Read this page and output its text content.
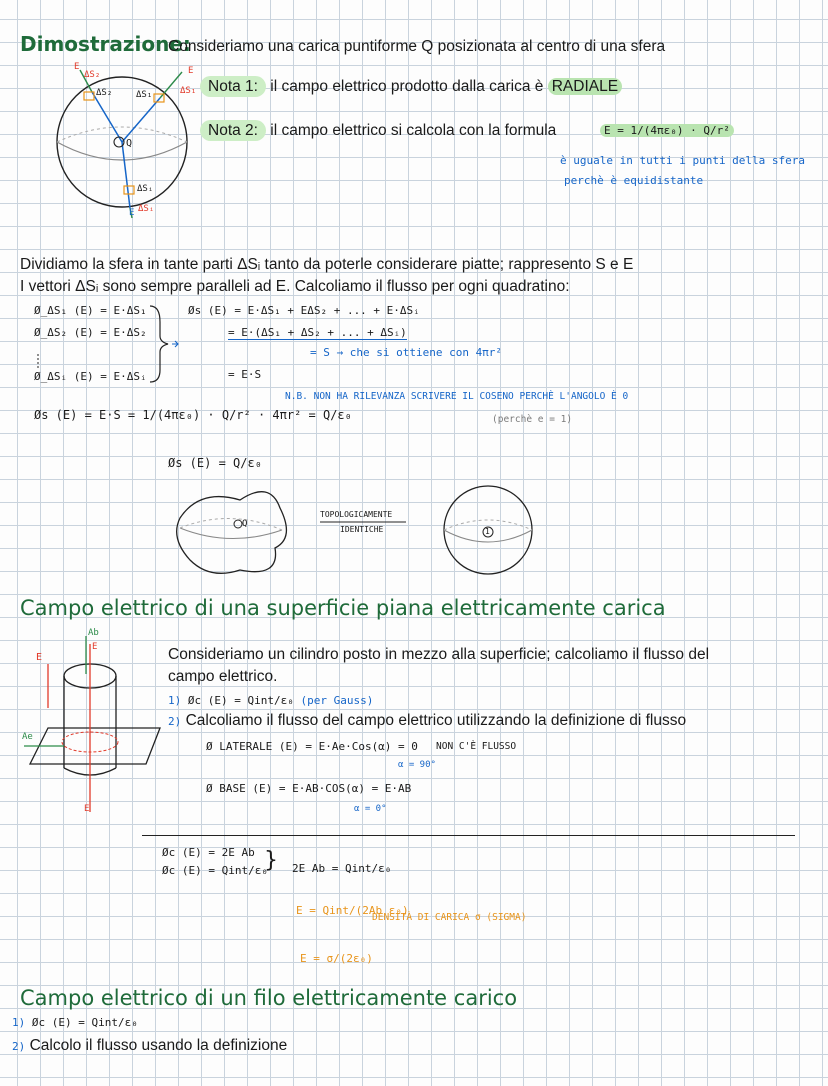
Dimostrazione:
Consideriamo una carica puntiforme Q posizionata al centro di una sfera
E
ΔS₂
ΔS₂	ΔS₁
E
ΔS₁
Q
ΔSᵢ
ΔSᵢ
E
Nota 1: il campo elettrico prodotto dalla carica è RADIALE
Nota 2: il campo elettrico si calcola con la formula	E = 1/(4πε₀) · Q/r²
è uguale in tutti i punti della sfera
perchè è equidistante
Dividiamo la sfera in tante parti ΔSᵢ tanto da poterle considerare piatte; rappresento S e E
I vettori ΔSᵢ sono sempre paralleli ad E. Calcoliamo il flusso per ogni quadratino:
Ø_ΔS₁ (E) = E·ΔS₁
Ø_ΔS₂ (E) = E·ΔS₂
Ø_ΔSᵢ (E) = E·ΔSᵢ
Øs (E) = E·ΔS₁ + EΔS₂ + ... + E·ΔSᵢ
= E·(ΔS₁ + ΔS₂ + ... + ΔSᵢ)
= S → che si ottiene con 4πr²
= E·S
N.B. NON HA RILEVANZA SCRIVERE IL COSENO PERCHÈ L'ANGOLO È 0
(perchè e = 1)
Øs (E) = E·S = 1/(4πε₀) · Q/r² · 4πr² = Q/ε₀
Øs (E) = Q/ε₀
Q
1
TOPOLOGICAMENTE
IDENTICHE
Campo elettrico di una superficie piana elettricamente carica
Ab
E
E
Ae
E
Consideriamo un cilindro posto in mezzo alla superficie; calcoliamo il flusso del
campo elettrico.
1) Øc (E) = Qint/ε₀ (per Gauss)
2) Calcoliamo il flusso del campo elettrico utilizzando la definizione di flusso
Ø LATERALE (E) = E·Ae·Cos(α) = 0
α = 90°
NON C'È FLUSSO
Ø BASE (E) = E·AB·COS(α) = E·AB
α = 0°
Øc (E) = 2E Ab
Øc (E) = Qint/ε₀
} 2E Ab = Qint/ε₀
E = Qint/(2Ab ε₀)
DENSITÀ DI CARICA σ (SIGMA)
E = σ/(2ε₀)
Campo elettrico di un filo elettricamente carico
1) Øc (E) = Qint/ε₀
2) Calcolo il flusso usando la definizione
